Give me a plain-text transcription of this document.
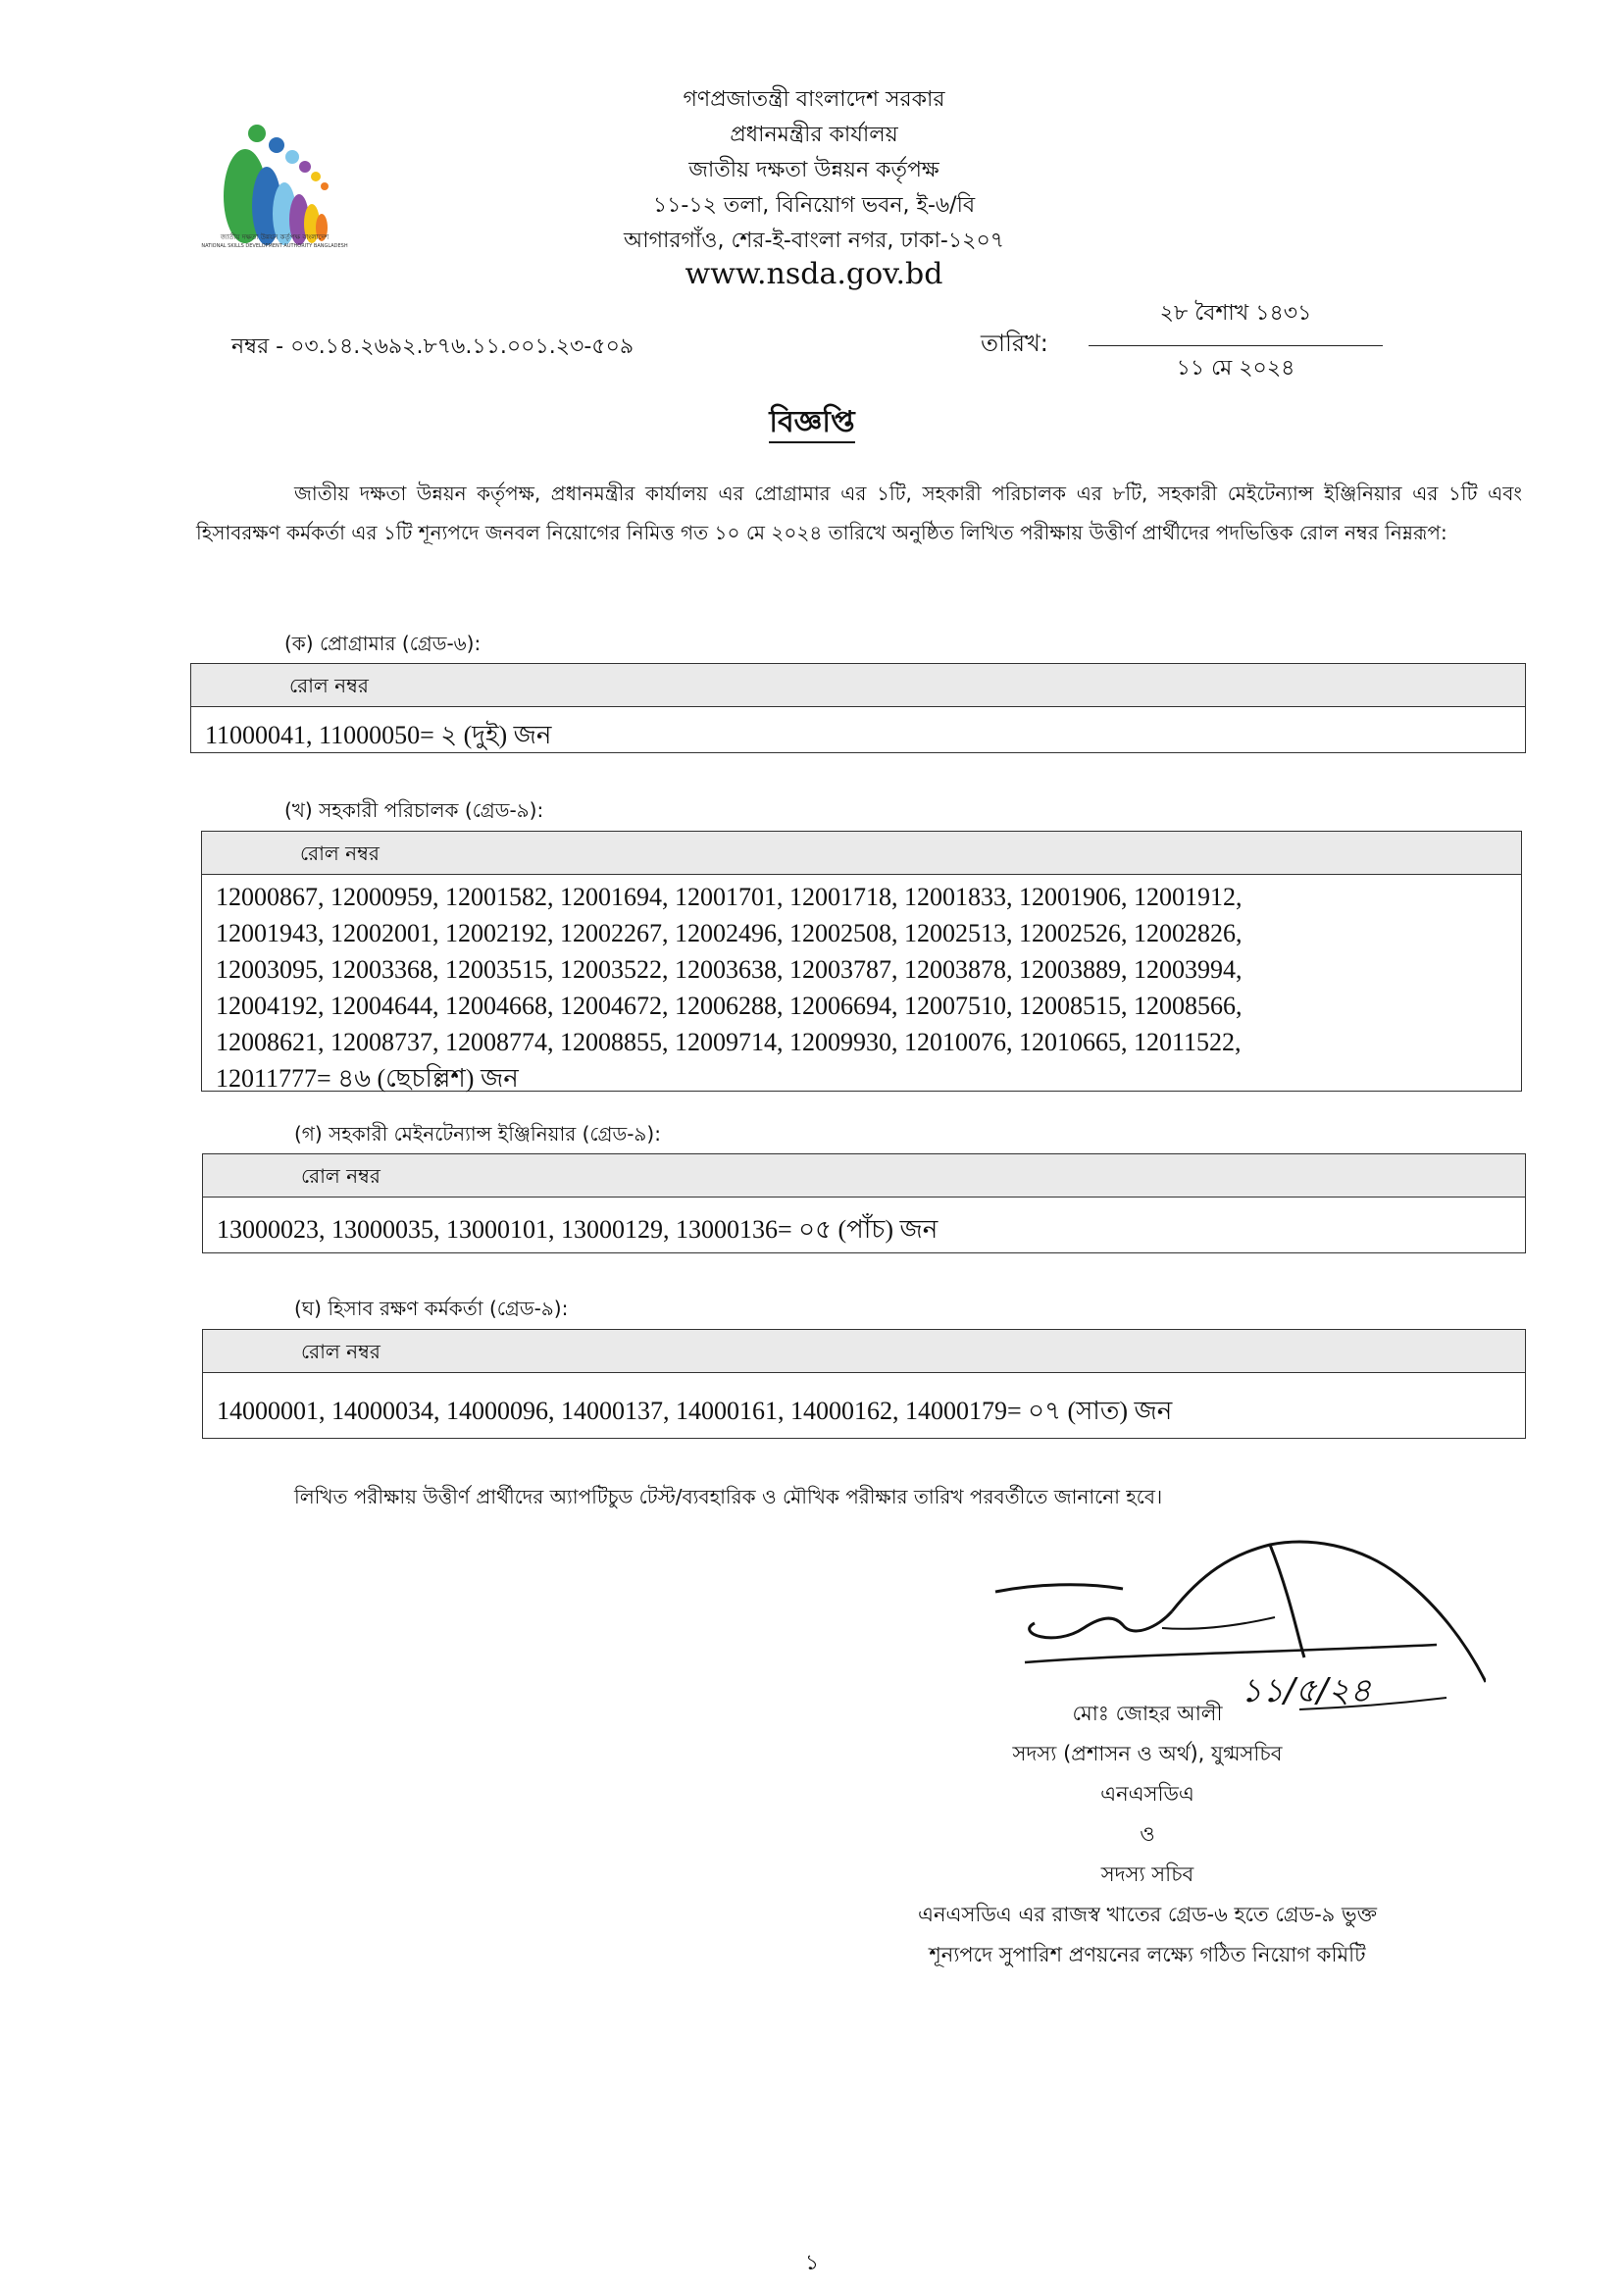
জাতীয় দক্ষতা উন্নয়ন কর্তৃপক্ষ বাংলাদেশ
NATIONAL SKILLS DEVELOPMENT AUTHORITY BANGLADESH
গণপ্রজাতন্ত্রী বাংলাদেশ সরকার
প্রধানমন্ত্রীর কার্যালয়
জাতীয় দক্ষতা উন্নয়ন কর্তৃপক্ষ
১১-১২ তলা, বিনিয়োগ ভবন, ই-৬/বি
আগারগাঁও, শের-ই-বাংলা নগর, ঢাকা-১২০৭
www.nsda.gov.bd
নম্বর - ০৩.১৪.২৬৯২.৮৭৬.১১.০০১.২৩-৫০৯	তারিখ:
২৮ বৈশাখ ১৪৩১
১১ মে ২০২৪
বিজ্ঞপ্তি
জাতীয় দক্ষতা উন্নয়ন কর্তৃপক্ষ, প্রধানমন্ত্রীর কার্যালয় এর প্রোগ্রামার এর ১টি, সহকারী পরিচালক এর ৮টি, সহকারী মেইটেন্যান্স ইঞ্জিনিয়ার এর ১টি এবং হিসাবরক্ষণ কর্মকর্তা এর ১টি শূন্যপদে জনবল নিয়োগের নিমিত্ত গত ১০ মে ২০২৪ তারিখে অনুষ্ঠিত লিখিত পরীক্ষায় উত্তীর্ণ প্রার্থীদের পদভিত্তিক রোল নম্বর নিম্নরূপ:
(ক) প্রোগ্রামার (গ্রেড-৬):
রোল নম্বর
11000041, 11000050= ২ (দুই) জন
(খ) সহকারী পরিচালক (গ্রেড-৯):
রোল নম্বর
12000867, 12000959, 12001582, 12001694, 12001701, 12001718, 12001833, 12001906, 12001912,
12001943, 12002001, 12002192, 12002267, 12002496, 12002508, 12002513, 12002526, 12002826,
12003095, 12003368, 12003515, 12003522, 12003638, 12003787, 12003878, 12003889, 12003994,
12004192, 12004644, 12004668, 12004672, 12006288, 12006694, 12007510, 12008515, 12008566,
12008621, 12008737, 12008774, 12008855, 12009714, 12009930, 12010076, 12010665, 12011522,
12011777= ৪৬ (ছেচল্লিশ) জন
(গ) সহকারী মেইনটেন্যান্স ইঞ্জিনিয়ার (গ্রেড-৯):
রোল নম্বর
13000023, 13000035, 13000101, 13000129, 13000136= ০৫ (পাঁচ) জন
(ঘ) হিসাব রক্ষণ কর্মকর্তা (গ্রেড-৯):
রোল নম্বর
14000001, 14000034, 14000096, 14000137, 14000161, 14000162, 14000179= ০৭ (সাত) জন
লিখিত পরীক্ষায় উত্তীর্ণ প্রার্থীদের অ্যাপটিচুড টেস্ট/ব্যবহারিক ও মৌখিক পরীক্ষার তারিখ পরবর্তীতে জানানো হবে।
১১/৫/২৪
মোঃ জোহর আলী
সদস্য (প্রশাসন ও অর্থ), যুগ্মসচিব
এনএসডিএ
ও
সদস্য সচিব
এনএসডিএ এর রাজস্ব খাতের গ্রেড-৬ হতে গ্রেড-৯ ভুক্ত
শূন্যপদে সুপারিশ প্রণয়নের লক্ষ্যে গঠিত নিয়োগ কমিটি
১
